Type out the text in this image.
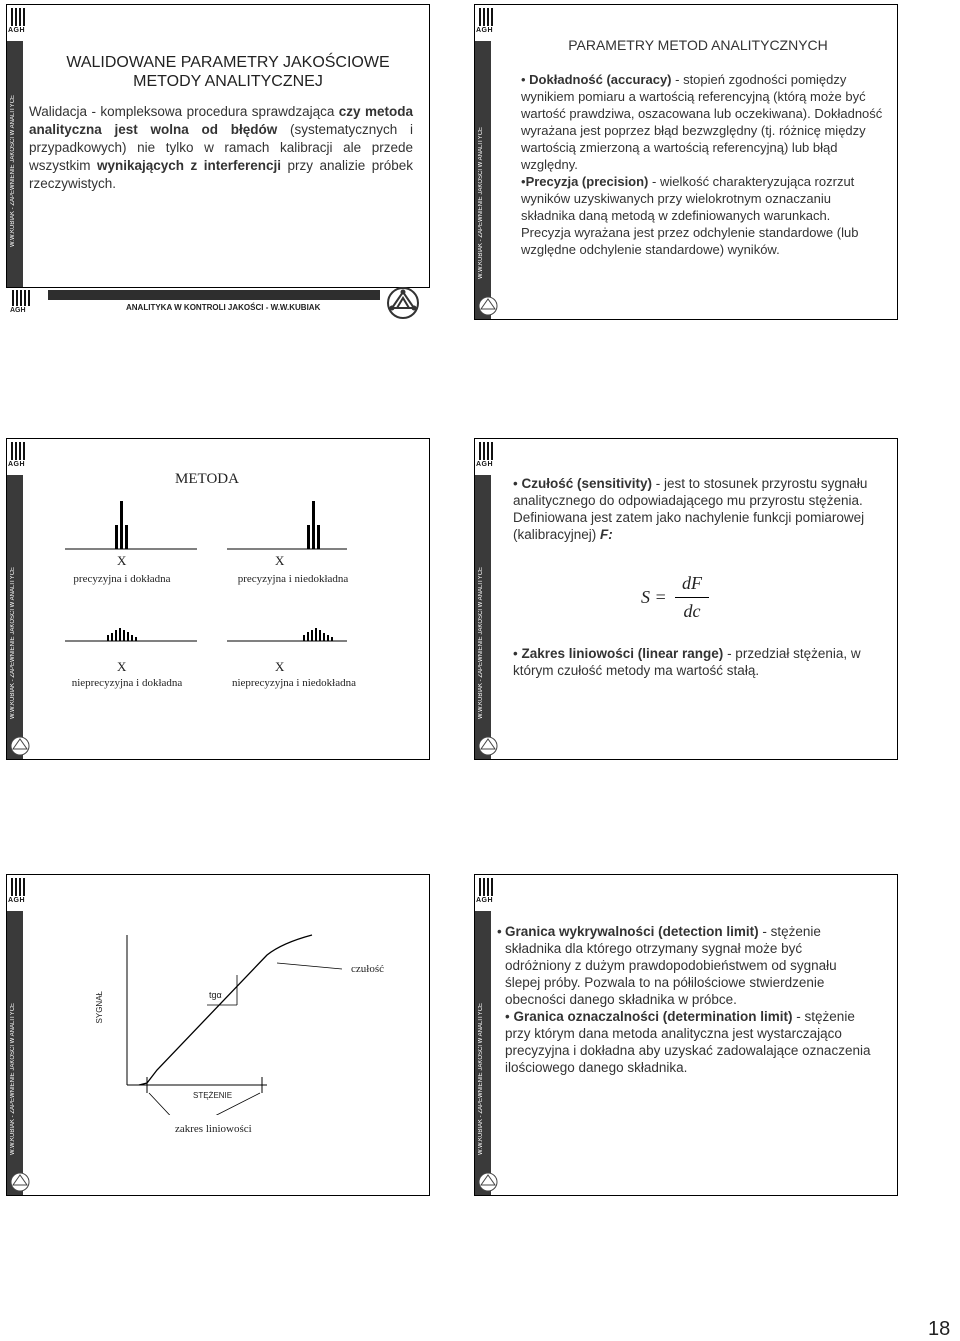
AGH
W.W.KUBIAK - ZAPEWNIENIE JAKOŚCI W ANALITYCE
WALIDOWANE PARAMETRY JAKOŚCIOWE METODY ANALITYCZNEJ
Walidacja - kompleksowa procedura sprawdzająca czy metoda analityczna jest wolna od błędów (systematycznych i przypadkowych) nie tylko w ramach kalibracji ale przede wszystkim wynikających z interferencji przy analizie próbek rzeczywistych.
ANALITYKA W KONTROLI JAKOŚCI - W.W.KUBIAK
AGH
AGH
W.W.KUBIAK - ZAPEWNIENIE JAKOŚCI W ANALITYCE
PARAMETRY METOD ANALITYCZNYCH
• Dokładność (accuracy) - stopień zgodności pomiędzy wynikiem pomiaru a wartością referencyjną (którą może być wartość prawdziwa, oszacowana lub oczekiwana). Dokładność wyrażana jest poprzez błąd bezwzględny (tj. różnicę między wartością zmierzoną a wartością referencyjną) lub błąd względny.
•Precyzja (precision) - wielkość charakteryzująca rozrzut wyników uzyskiwanych przy wielokrotnym oznaczaniu składnika daną metodą w zdefiniowanych warunkach. Precyzja wyrażana jest przez odchylenie standardowe (lub względne odchylenie standardowe) wyników.
AGH
W.W.KUBIAK - ZAPEWNIENIE JAKOŚCI W ANALITYCE
METODA
X	X
precyzyjna i dokładna	precyzyjna i niedokładna
X	X
nieprecyzyjna i dokładna	nieprecyzyjna i niedokładna
AGH
W.W.KUBIAK - ZAPEWNIENIE JAKOŚCI W ANALITYCE
• Czułość (sensitivity) - jest to stosunek przyrostu sygnału analitycznego do odpowiadającego mu przyrostu stężenia. Definiowana jest zatem jako nachylenie funkcji pomiarowej (kalibracyjnej) F:
S =
dF
dc
• Zakres liniowości (linear range) - przedział stężenia, w którym czułość metody ma wartość stałą.
AGH
W.W.KUBIAK - ZAPEWNIENIE JAKOŚCI W ANALITYCE	SYGNAŁ
STĘŻENIE
tgα
czułość
zakres liniowości
AGH
W.W.KUBIAK - ZAPEWNIENIE JAKOŚCI W ANALITYCE
• Granica wykrywalności (detection limit) - stężenie składnika dla którego otrzymany sygnał może być odróżniony z dużym prawdopodobieństwem od sygnału ślepej próby. Pozwala to na półilościowe stwierdzenie obecności danego składnika w próbce.
• Granica oznaczalności (determination limit) - stężenie przy którym dana metoda analityczna jest wystarczająco precyzyjna i dokładna aby uzyskać zadowalające oznaczenia ilościowego danego składnika.
18
